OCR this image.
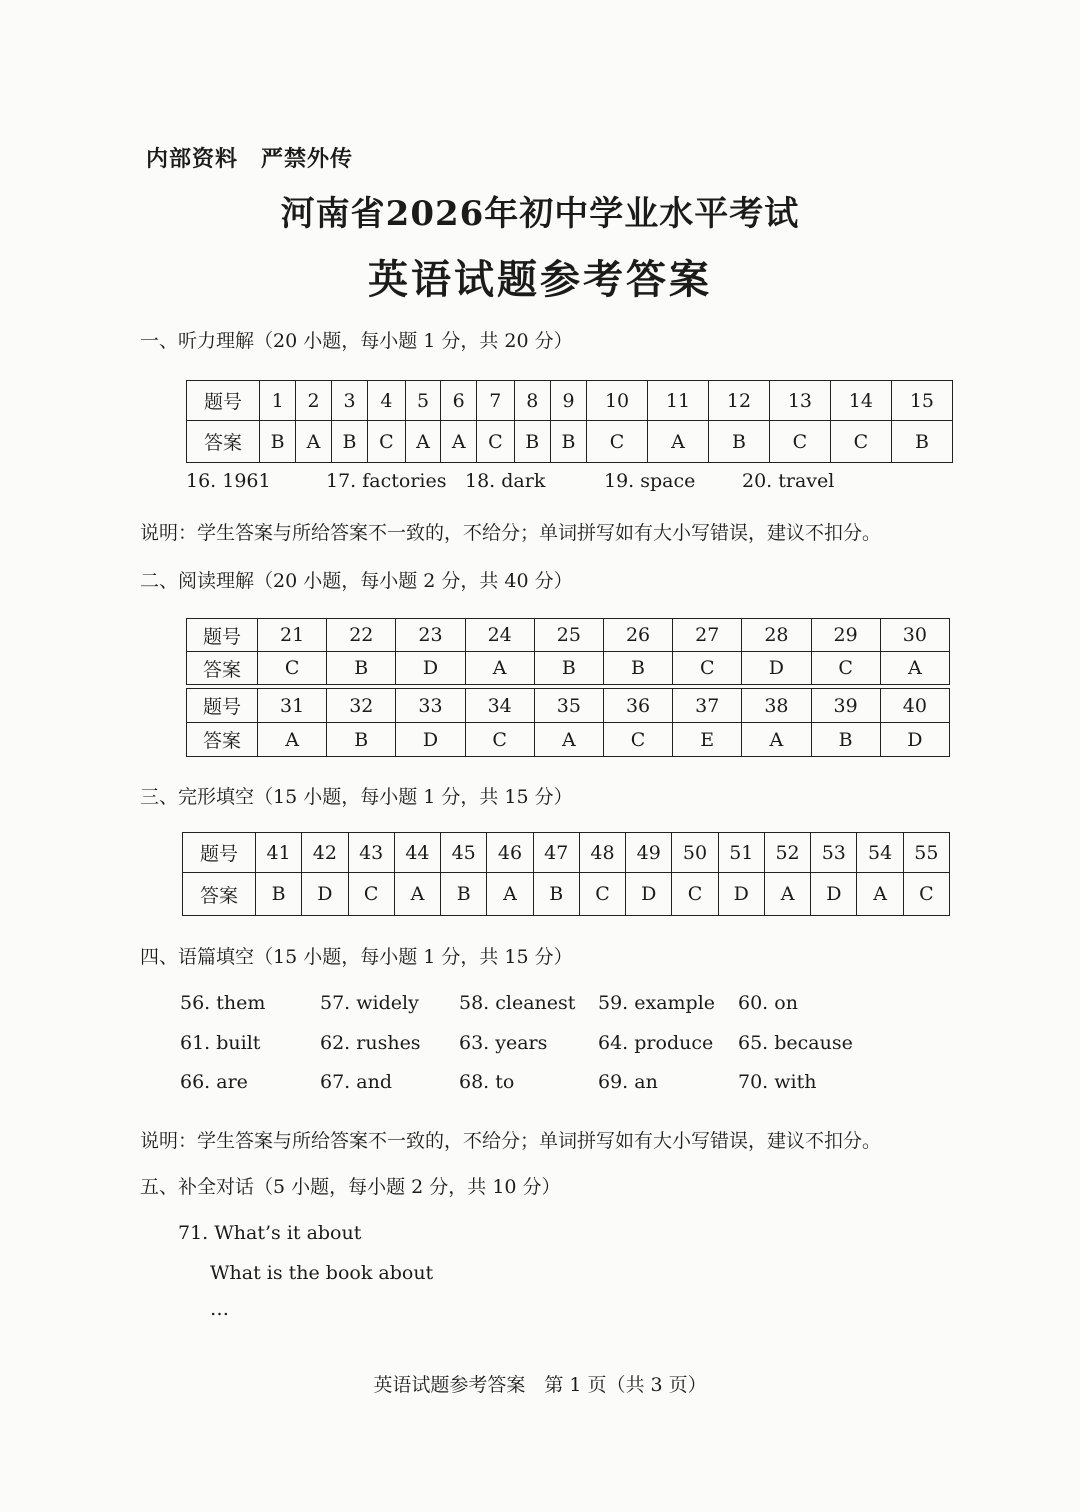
内部资料　严禁外传
河南省2026年初中学业水平考试
英语试题参考答案
一、听力理解（20 小题，每小题 1 分，共 20 分）
题号	1	2	3	4	5	6	7	8	9	10	11	12	13	14	15
答案	B	A	B	C	A	A	C	B	B	C	A	B	C	C	B
16. 1961	17. factories 18. dark	19. space 20. travel
说明：学生答案与所给答案不一致的，不给分；单词拼写如有大小写错误，建议不扣分。
二、阅读理解（20 小题，每小题 2 分，共 40 分）
题号	21	22	23	24	25	26	27	28	29	30
答案	C	B	D	A	B	B	C	D	C	A
题号	31	32	33	34	35	36	37	38	39	40
答案	A	B	D	C	A	C	E	A	B	D
三、完形填空（15 小题，每小题 1 分，共 15 分）
题号	41	42	43	44	45	46	47	48	49	50	51	52	53	54	55
答案	B	D	C	A	B	A	B	C	D	C	D	A	D	A	C
四、语篇填空（15 小题，每小题 1 分，共 15 分）
56. them	57. widely 58. cleanest 59. example 60. on
61. built	62. rushes 63. years	64. produce 65. because
66. are	67. and	68. to	69. an	70. with
说明：学生答案与所给答案不一致的，不给分；单词拼写如有大小写错误，建议不扣分。
五、补全对话（5 小题，每小题 2 分，共 10 分）
71. What’s it about
What is the book about
…
英语试题参考答案　第 1 页（共 3 页）
